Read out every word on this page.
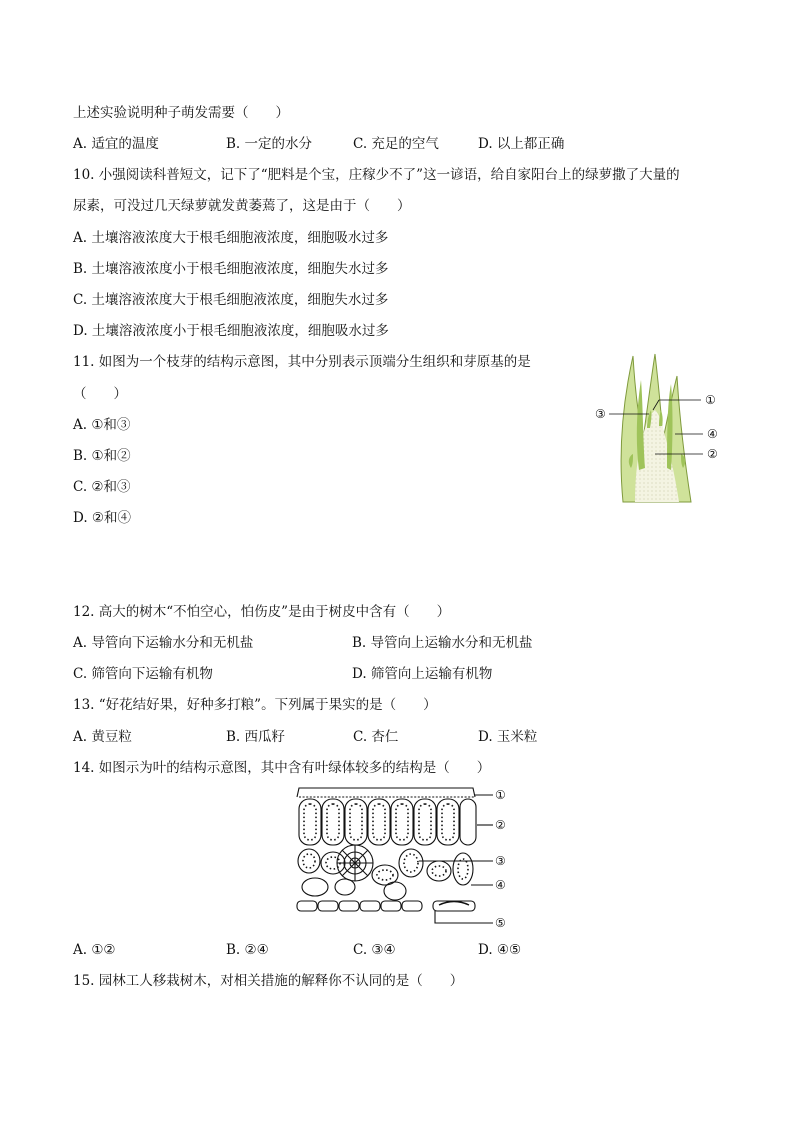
上述实验说明种子萌发需要（　　）
A. 适宜的温度	B. 一定的水分	C. 充足的空气	D. 以上都正确
10. 小强阅读科普短文，记下了“肥料是个宝，庄稼少不了”这一谚语，给自家阳台上的绿萝撒了大量的
尿素，可没过几天绿萝就发黄萎蔫了，这是由于（　　）
A. 土壤溶液浓度大于根毛细胞液浓度，细胞吸水过多
B. 土壤溶液浓度小于根毛细胞液浓度，细胞失水过多
C. 土壤溶液浓度大于根毛细胞液浓度，细胞失水过多
D. 土壤溶液浓度小于根毛细胞液浓度，细胞吸水过多
11. 如图为一个枝芽的结构示意图，其中分别表示顶端分生组织和芽原基的是
（　　）
A. ①和③
B. ①和②
C. ②和③
D. ②和④
①
②
③
④
12. 高大的树木“不怕空心，怕伤皮”是由于树皮中含有（　　）
A. 导管向下运输水分和无机盐	B. 导管向上运输水分和无机盐
C. 筛管向下运输有机物	D. 筛管向上运输有机物
13. “好花结好果，好种多打粮”。下列属于果实的是（　　）
A. 黄豆粒	B. 西瓜籽	C. 杏仁	D. 玉米粒
14. 如图示为叶的结构示意图，其中含有叶绿体较多的结构是（　　）
①
②
③
④
⑤
A. ①②	B. ②④	C. ③④	D. ④⑤
15. 园林工人移栽树木，对相关措施的解释你不认同的是（　　）
